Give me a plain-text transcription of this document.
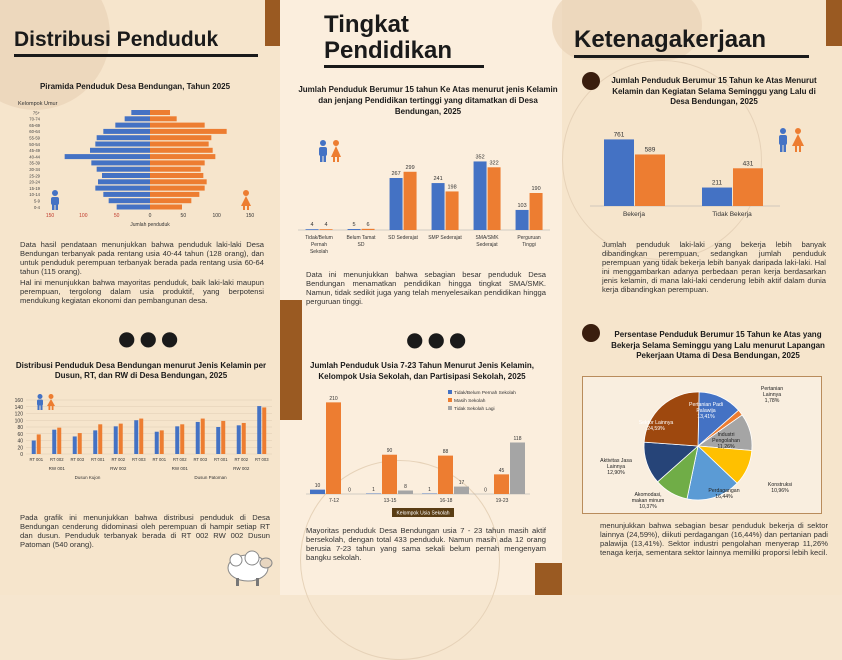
Distribusi Penduduk
Piramida Penduduk Desa Bendungan, Tahun 2025
Kelompok Umur
75+
70-74
65-69
60-64
55-59
50-54
45-49
40-44
35-39
30-34
25-29
20-24
15-19
10-14
5-9
0-4
150	100	50	0	50	100	150
Jumlah penduduk

Data hasil pendataan menunjukkan bahwa penduduk laki-laki Desa Bendungan terbanyak pada rentang usia 40-44 tahun (128 orang), dan untuk penduduk perempuan terbanyak berada pada rentang usia 60-64 tahun (115 orang).

Hal ini menunjukkan bahwa mayoritas penduduk, baik laki-laki maupun perempuan, tergolong dalam usia produktif, yang berpotensi mendukung kegiatan ekonomi dan pembangunan desa.

●●●
Distribusi Penduduk Desa Bendungan menurut Jenis Kelamin per Dusun, RT, dan RW di Desa Bendungan, 2025
0
20
40
60
80
100
120
140
160
RT 001 RT 002 RT 003 RT 001 RT 002 RT 003 RT 001 RT 002 RT 003 RT 001 RT 002 RT 003
RW 001	RW 002	RW 001	RW 002
Dusun Kujon	Dusun Patoman
Pada grafik ini menunjukkan bahwa distribusi penduduk di Desa Bendungan cenderung didominasi oleh perempuan di hampir setiap RT dan dusun. Penduduk terbanyak berada di RT 002 RW 002 Dusun Patoman (540 orang).
Tingkat
Pendidikan
Jumlah Penduduk Berumur 15 tahun Ke Atas menurut jenis Kelamin dan jenjang Pendidikan tertinggi yang ditamatkan di Desa Bendungan, 2025
4 4
Tidak/Belum
Pernah
Sekolah
5 6
Belum Tamat
SD
267
299
SD Sederajat
241
198
SMP Sederajat
352
322
SMA/SMK
Sederajat
103
190
Perguruan
Tinggi
Data ini menunjukkan bahwa sebagian besar penduduk Desa Bendungan menamatkan pendidikan hingga tingkat SMA/SMK. Namun, tidak sedikit juga yang telah menyelesaikan pendidikan hingga perguruan tinggi.
●●●
Jumlah Penduduk Usia 7-23 Tahun Menurut Jenis Kelamin, Kelompok Usia Sekolah, dan Partisipasi Sekolah, 2025
Tidak/Belum Pernah Sekolah
Masih Sekolah
Tidak Sekolah Lagi
10
210
0
7-12
1
90
8
13-15
1
88
17
16-18
0
45
118
19-23
Kelompok Usia Sekolah
Mayoritas penduduk Desa Bendungan usia 7 - 23 tahun masih aktif bersekolah, dengan total 433 penduduk. Namun masih ada 12 orang berusia 7-23 tahun yang sama sekali belum pernah mengenyam bangku sekolah.
Ketenagakerjaan
Jumlah Penduduk Berumur 15 Tahun ke Atas Menurut Kelamin dan Kegiatan Selama Seminggu yang Lalu di Desa Bendungan, 2025
761
589
Bekerja
211
431
Tidak Bekerja
Jumlah penduduk laki-laki yang bekerja lebih banyak dibandingkan perempuan, sedangkan jumlah penduduk perempuan yang tidak bekerja lebih banyak daripada laki-laki. Hal ini menggambarkan adanya perbedaan peran kerja berdasarkan jenis kelamin, di mana laki-laki cenderung lebih aktif dalam dunia kerja dibandingkan perempuan.
Persentase Penduduk Berumur 15 Tahun ke Atas yang Bekerja Selama Seminggu yang Lalu menurut Lapangan Pekerjaan Utama di Desa Bendungan, 2025
Pertanian Padi
Palawija
13,41%
Pertanian
Lainnya
1,78%
Industri
Pengolahan
11,26%
Konstruksi
10,96%
Perdagangan
16,44%
Akomodasi,
makan minum
10,37%
Aktivitas Jasa
Lainnya
12,90%
Sektor Lainnya
24,59%
menunjukkan bahwa sebagian besar penduduk bekerja di sektor lainnya (24,59%), diikuti perdagangan (16,44%) dan pertanian padi palawija (13,41%). Sektor industri pengolahan menyerap 11,26% tenaga kerja, sementara sektor lainnya memiliki proporsi lebih kecil.
